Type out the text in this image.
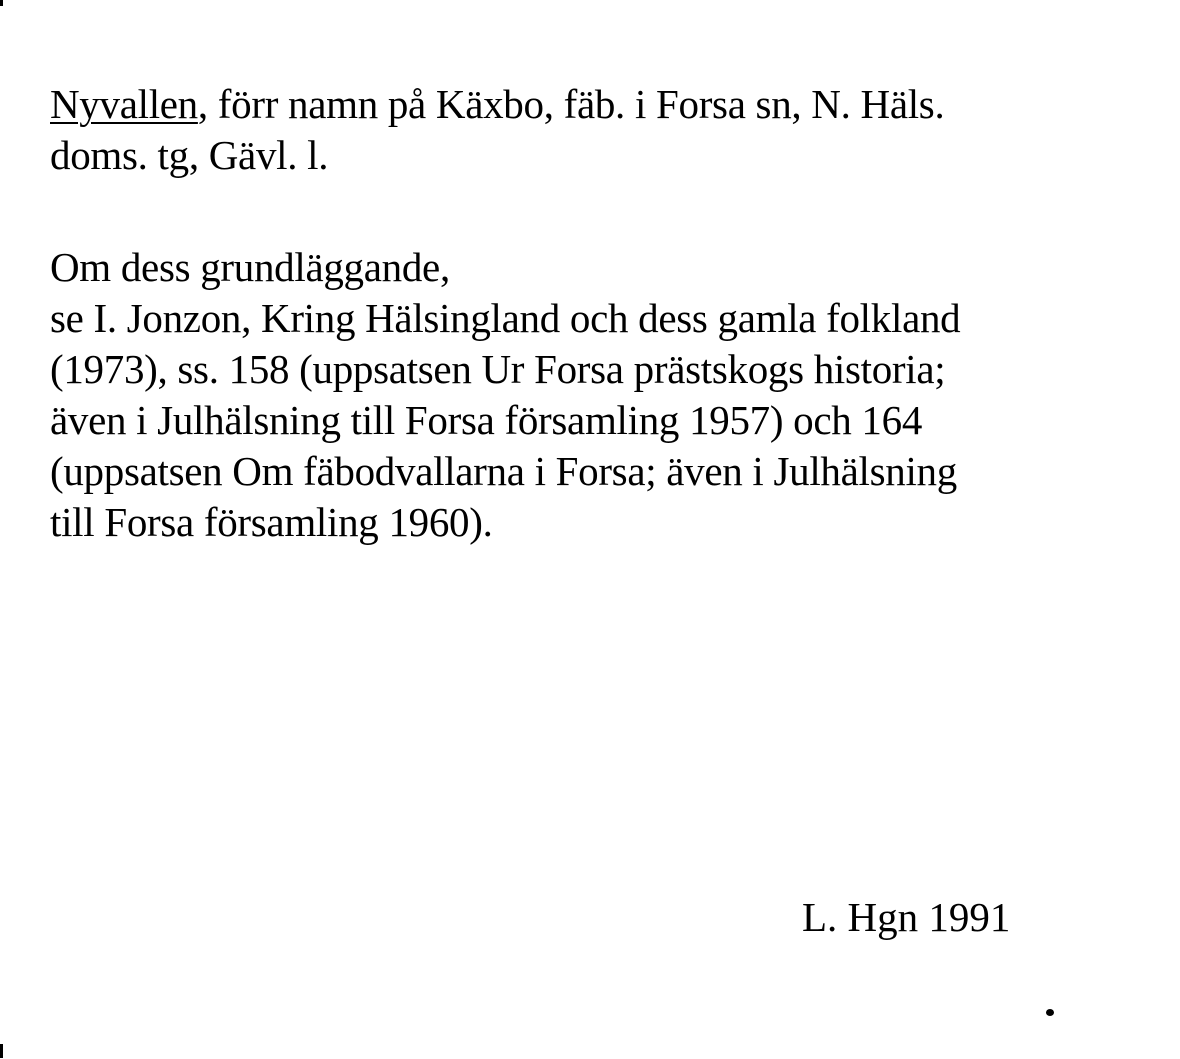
Nyvallen, förr namn på Käxbo, fäb. i Forsa sn, N. Häls.
doms. tg, Gävl. l.

Om dess grundläggande,
se I. Jonzon, Kring Hälsingland och dess gamla folkland
(1973), ss. 158 (uppsatsen Ur Forsa prästskogs historia;
även i Julhälsning till Forsa församling 1957) och 164
(uppsatsen Om fäbodvallarna i Forsa; även i Julhälsning
till Forsa församling 1960).

L. Hgn 1991
